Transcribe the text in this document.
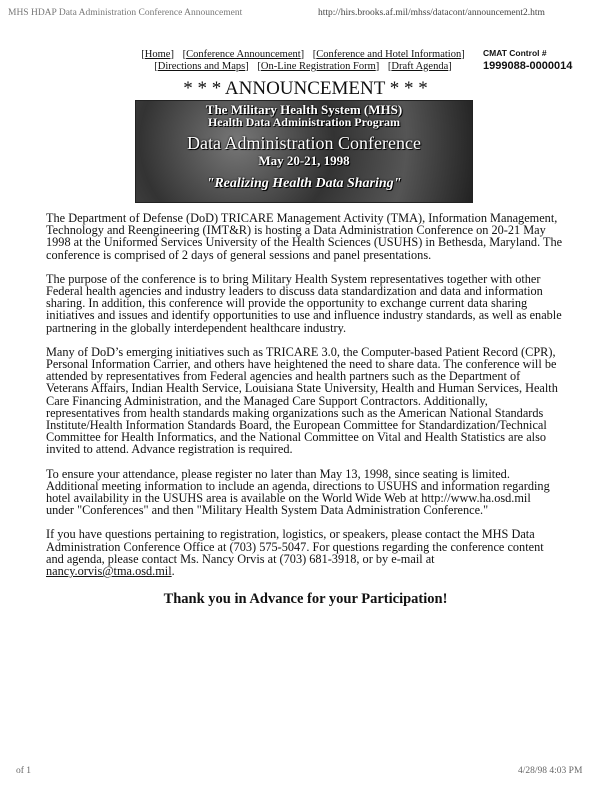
MHS HDAP Data Administration Conference Announcement	http://hirs.brooks.af.mil/mhss/datacont/announcement2.htm
[Home] [Conference Announcement] [Conference and Hotel Information]
[Directions and Maps] [On-Line Registration Form] [Draft Agenda]
CMAT Control #
1999088-0000014
* * * ANNOUNCEMENT * * *
The Military Health System (MHS)
Health Data Administration Program
Data Administration Conference
May 20-21, 1998
"Realizing Health Data Sharing"

The Department of Defense (DoD) TRICARE Management Activity (TMA), Information Management,
Technology and Reengineering (IMT&R) is hosting a Data Administration Conference on 20-21 May
1998 at the Uniformed Services University of the Health Sciences (USUHS) in Bethesda, Maryland. The
conference is comprised of 2 days of general sessions and panel presentations.

The purpose of the conference is to bring Military Health System representatives together with other
Federal health agencies and industry leaders to discuss data standardization and data and information
sharing. In addition, this conference will provide the opportunity to exchange current data sharing
initiatives and issues and identify opportunities to use and influence industry standards, as well as enable
partnering in the globally interdependent healthcare industry.

Many of DoD’s emerging initiatives such as TRICARE 3.0, the Computer-based Patient Record (CPR),
Personal Information Carrier, and others have heightened the need to share data. The conference will be
attended by representatives from Federal agencies and health partners such as the Department of
Veterans Affairs, Indian Health Service, Louisiana State University, Health and Human Services, Health
Care Financing Administration, and the Managed Care Support Contractors. Additionally,
representatives from health standards making organizations such as the American National Standards
Institute/Health Information Standards Board, the European Committee for Standardization/Technical
Committee for Health Informatics, and the National Committee on Vital and Health Statistics are also
invited to attend. Advance registration is required.

To ensure your attendance, please register no later than May 13, 1998, since seating is limited.
Additional meeting information to include an agenda, directions to USUHS and information regarding
hotel availability in the USUHS area is available on the World Wide Web at http://www.ha.osd.mil
under "Conferences" and then "Military Health System Data Administration Conference."

If you have questions pertaining to registration, logistics, or speakers, please contact the MHS Data
Administration Conference Office at (703) 575-5047. For questions regarding the conference content
and agenda, please contact Ms. Nancy Orvis at (703) 681-3918, or by e-mail at
nancy.orvis@tma.osd.mil.

Thank you in Advance for your Participation!
of 1	4/28/98 4:03 PM
